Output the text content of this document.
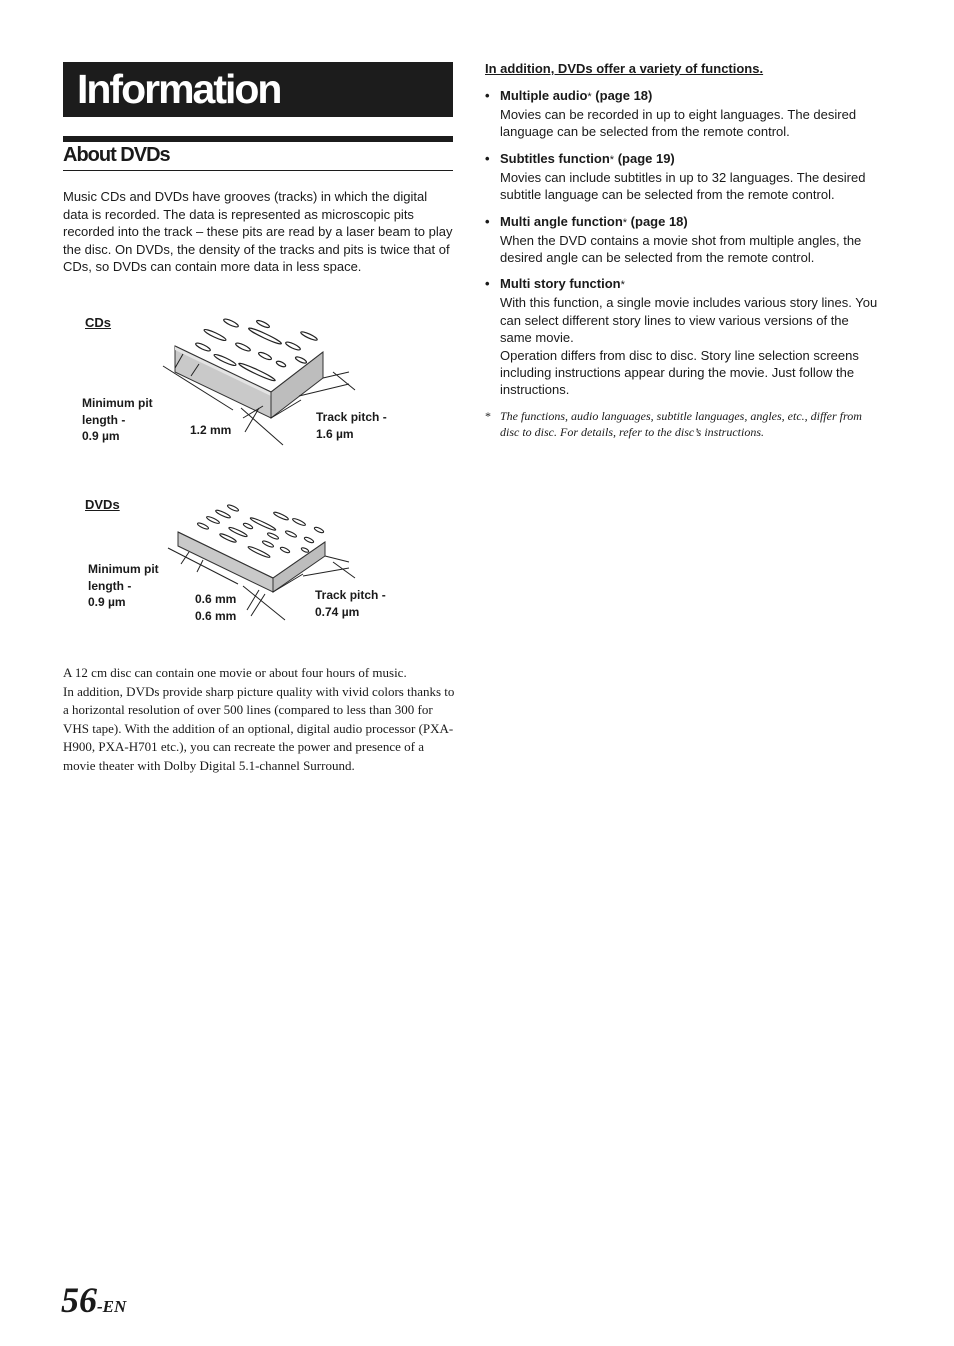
Information
About DVDs

Music CDs and DVDs have grooves (tracks) in which the digital data is recorded. The data is represented as microscopic pits recorded into the track – these pits are read by a laser beam to play the disc. On DVDs, the density of the tracks and pits is twice that of CDs, so DVDs can contain more data in less space.

CDs
Minimum pit
length -
0.9 µm	1.2 mm
Track pitch -
1.6 µm
DVDs
Minimum pit
length -
0.9 µm	0.6 mm
0.6 mm
Track pitch -
0.74 µm
A 12 cm disc can contain one movie or about four hours of music.
In addition, DVDs provide sharp picture quality with vivid colors thanks to a horizontal resolution of over 500 lines (compared to less than 300 for VHS tape). With the addition of an optional, digital audio processor (PXA-H900, PXA-H701 etc.), you can recreate the power and presence of a movie theater with Dolby Digital 5.1-channel Surround.

In addition, DVDs offer a variety of functions.

• Multiple audio* (page 18)

Movies can be recorded in up to eight languages. The desired language can be selected from the remote control.

• Subtitles function* (page 19)

Movies can include subtitles in up to 32 languages. The desired subtitle language can be selected from the remote control.

• Multi angle function* (page 18)

When the DVD contains a movie shot from multiple angles, the desired angle can be selected from the remote control.

• Multi story function*

With this function, a single movie includes various story lines. You can select different story lines to view various versions of the same movie.

Operation differs from disc to disc. Story line selection screens including instructions appear during the movie. Just follow the instructions.

* The functions, audio languages, subtitle languages, angles, etc., differ from disc to disc. For details, refer to the disc’s instructions.
56-EN
